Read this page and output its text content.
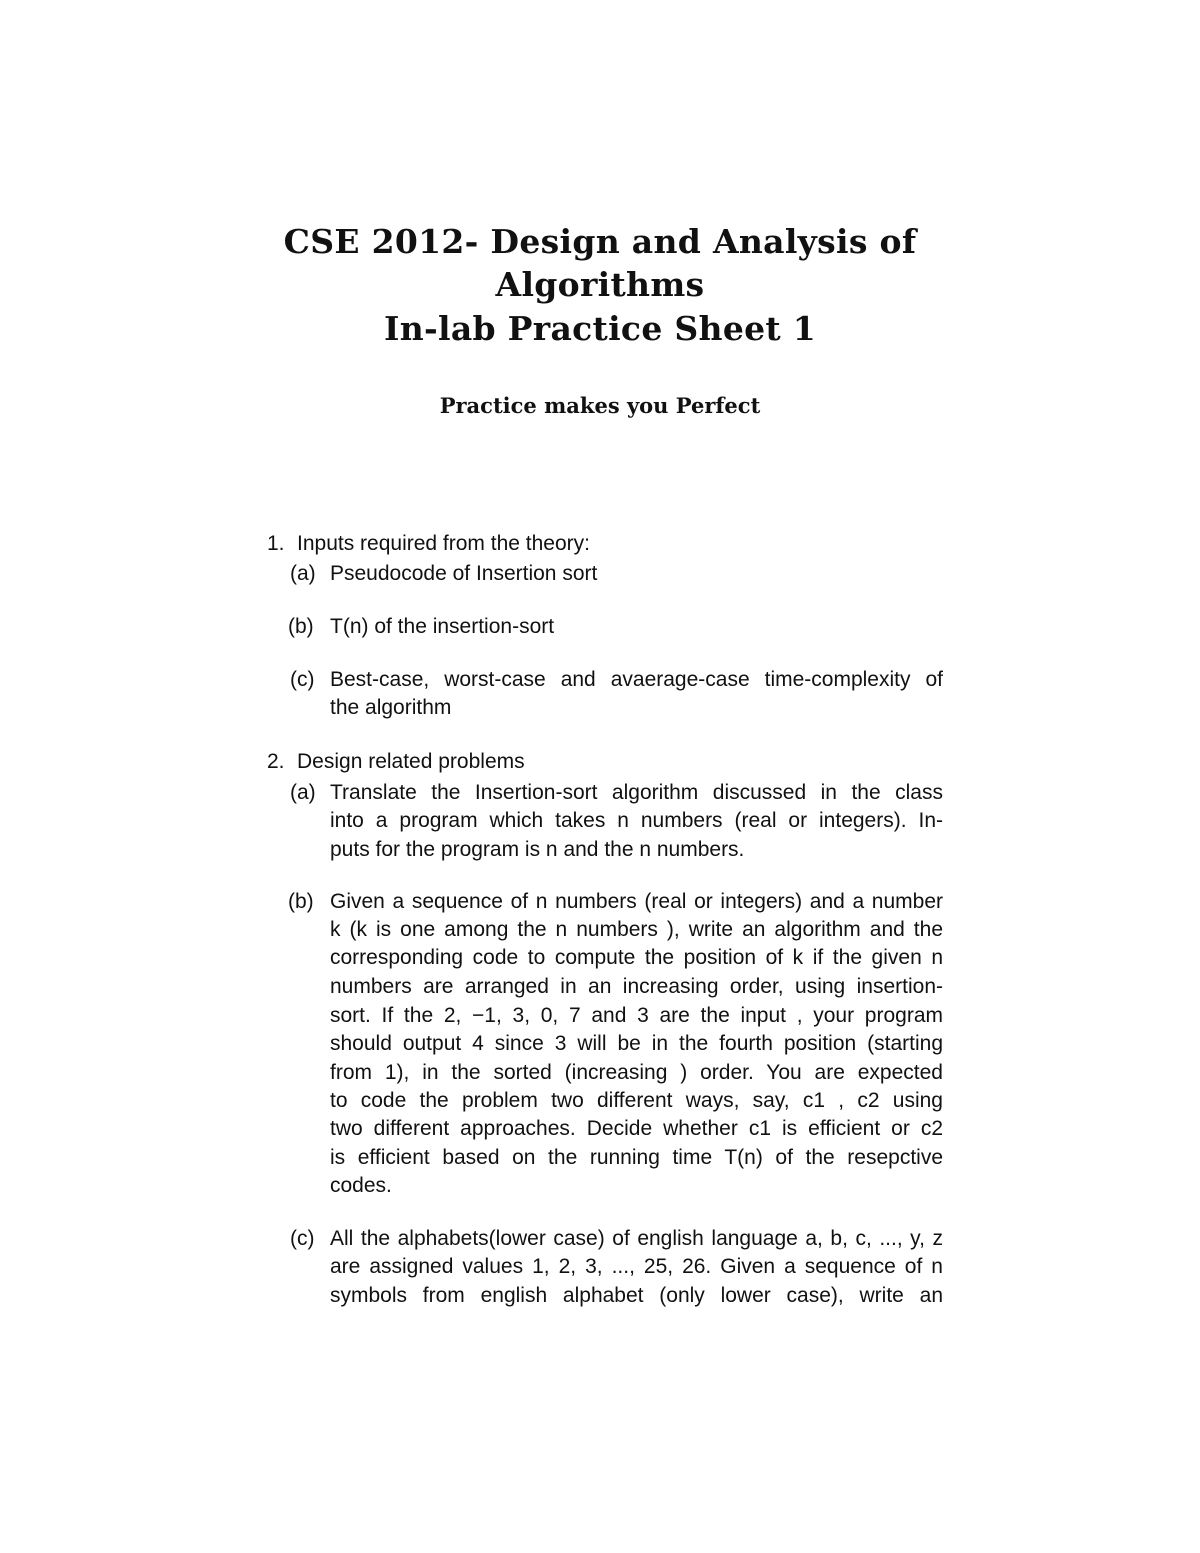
CSE 2012- Design and Analysis of
Algorithms
In-lab Practice Sheet 1
Practice makes you Perfect
1. Inputs required from the theory:
(a) Pseudocode of Insertion sort
(b) T(n) of the insertion-sort
(c) Best-case, worst-case and avaerage-case time-complexity of
the algorithm
2. Design related problems
(a) Translate the Insertion-sort algorithm discussed in the class
into a program which takes n numbers (real or integers). In-
puts for the program is n and the n numbers.
(b) Given a sequence of n numbers (real or integers) and a number
k (k is one among the n numbers ), write an algorithm and the
corresponding code to compute the position of k if the given n
numbers are arranged in an increasing order, using insertion-
sort. If the 2, −1, 3, 0, 7 and 3 are the input , your program
should output 4 since 3 will be in the fourth position (starting
from 1), in the sorted (increasing ) order. You are expected
to code the problem two different ways, say, c1 , c2 using
two different approaches. Decide whether c1 is efficient or c2
is efficient based on the running time T(n) of the resepctive
codes.
(c) All the alphabets(lower case) of english language a, b, c, ..., y, z
are assigned values 1, 2, 3, ..., 25, 26. Given a sequence of n
symbols from english alphabet (only lower case), write an
